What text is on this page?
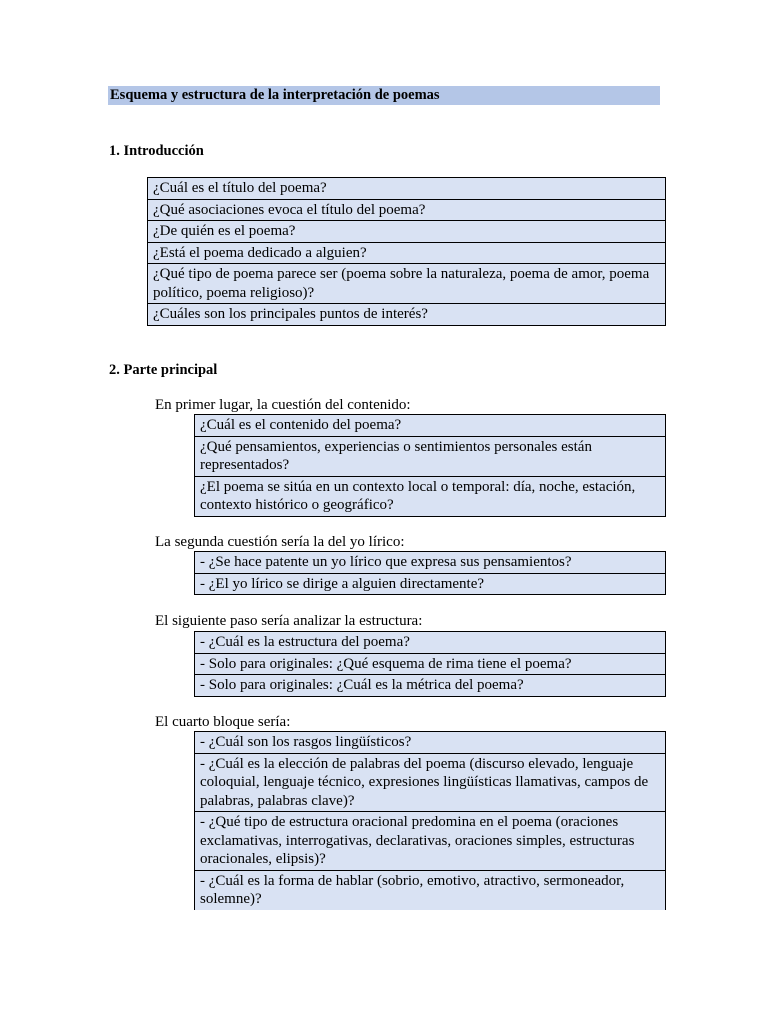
Esquema y estructura de la interpretación de poemas
1. Introducción
¿Cuál es el título del poema?
¿Qué asociaciones evoca el título del poema?
¿De quién es el poema?
¿Está el poema dedicado a alguien?
¿Qué tipo de poema parece ser (poema sobre la naturaleza, poema de amor, poema político, poema religioso)?
¿Cuáles son los principales puntos de interés?
2. Parte principal
En primer lugar, la cuestión del contenido:
¿Cuál es el contenido del poema?
¿Qué pensamientos, experiencias o sentimientos personales están representados?
¿El poema se sitúa en un contexto local o temporal: día, noche, estación, contexto histórico o geográfico?
La segunda cuestión sería la del yo lírico:
- ¿Se hace patente un yo lírico que expresa sus pensamientos?
- ¿El yo lírico se dirige a alguien directamente?
El siguiente paso sería analizar la estructura:
- ¿Cuál es la estructura del poema?
- Solo para originales: ¿Qué esquema de rima tiene el poema?
- Solo para originales: ¿Cuál es la métrica del poema?
El cuarto bloque sería:
- ¿Cuál son los rasgos lingüísticos?
- ¿Cuál es la elección de palabras del poema (discurso elevado, lenguaje coloquial, lenguaje técnico, expresiones lingüísticas llamativas, campos de palabras, palabras clave)?
- ¿Qué tipo de estructura oracional predomina en el poema (oraciones exclamativas, interrogativas, declarativas, oraciones simples, estructuras oracionales, elipsis)?
- ¿Cuál es la forma de hablar (sobrio, emotivo, atractivo, sermoneador, solemne)?
